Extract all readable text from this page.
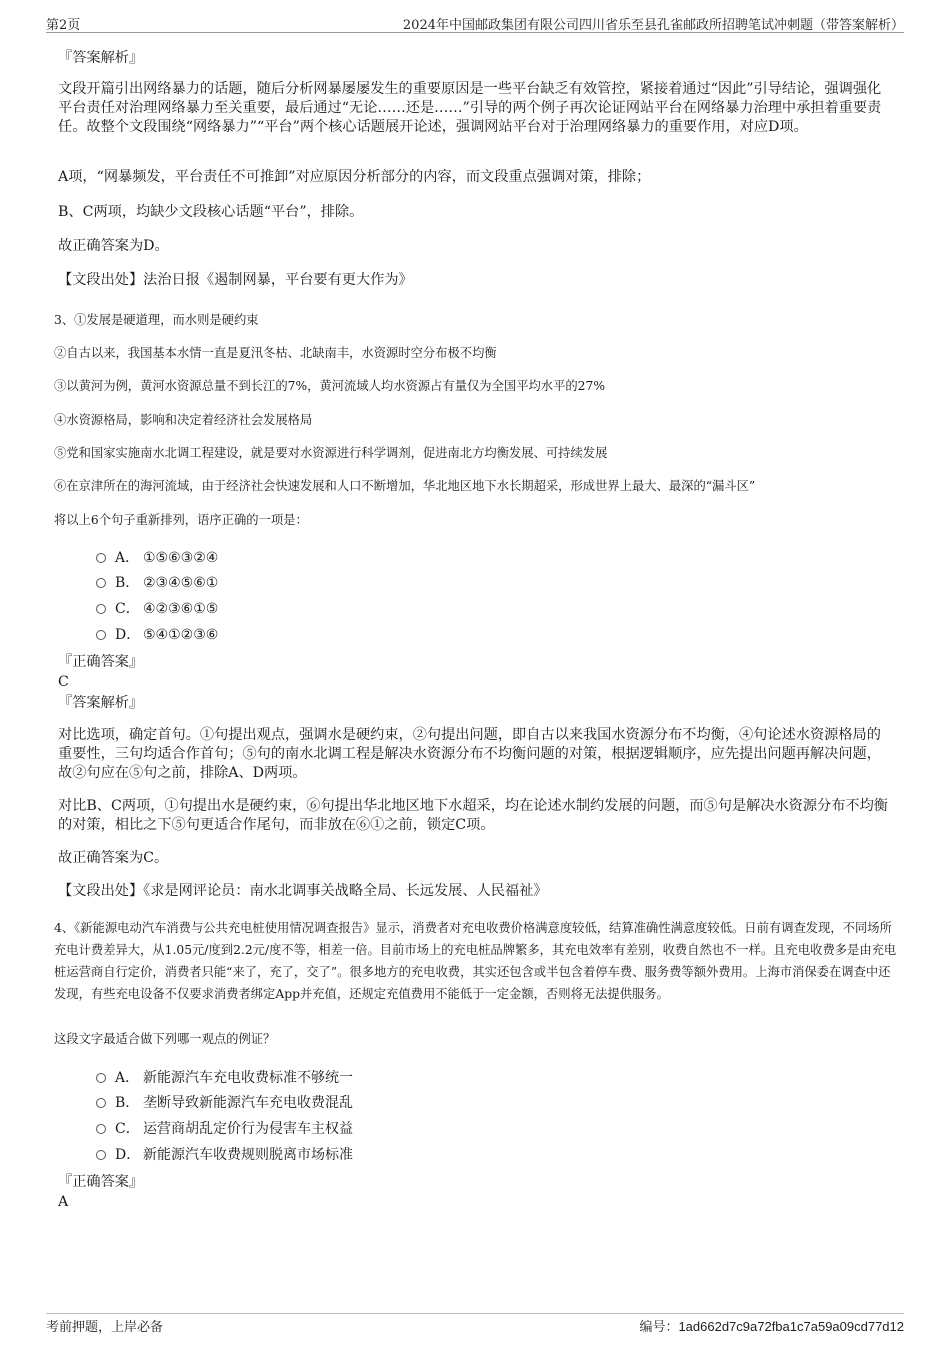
第2页	2024年中国邮政集团有限公司四川省乐至县孔雀邮政所招聘笔试冲刺题（带答案解析）
『答案解析』
文段开篇引出网络暴力的话题，随后分析网暴屡屡发生的重要原因是一些平台缺乏有效管控，紧接着通过“因此”引导结论，强调强化平台责任对治理网络暴力至关重要，最后通过“无论……还是……”引导的两个例子再次论证网站平台在网络暴力治理中承担着重要责任。故整个文段围绕“网络暴力”“平台”两个核心话题展开论述，强调网站平台对于治理网络暴力的重要作用，对应D项。
A项，“网暴频发，平台责任不可推卸”对应原因分析部分的内容，而文段重点强调对策，排除；
B、C两项，均缺少文段核心话题“平台”，排除。
故正确答案为D。
【文段出处】法治日报《遏制网暴，平台要有更大作为》
3、①发展是硬道理，而水则是硬约束
②自古以来，我国基本水情一直是夏汛冬枯、北缺南丰，水资源时空分布极不均衡
③以黄河为例，黄河水资源总量不到长江的7%，黄河流域人均水资源占有量仅为全国平均水平的27%
④水资源格局，影响和决定着经济社会发展格局
⑤党和国家实施南水北调工程建设，就是要对水资源进行科学调剂，促进南北方均衡发展、可持续发展
⑥在京津所在的海河流域，由于经济社会快速发展和人口不断增加，华北地区地下水长期超采，形成世界上最大、最深的“漏斗区”
将以上6个句子重新排列，语序正确的一项是：
A． ①⑤⑥③②④
B． ②③④⑤⑥①
C． ④②③⑥①⑤
D． ⑤④①②③⑥
『正确答案』
C
『答案解析』
对比选项，确定首句。①句提出观点，强调水是硬约束，②句提出问题，即自古以来我国水资源分布不均衡，④句论述水资源格局的重要性，三句均适合作首句；⑤句的南水北调工程是解决水资源分布不均衡问题的对策，根据逻辑顺序，应先提出问题再解决问题，故②句应在⑤句之前，排除A、D两项。
对比B、C两项，①句提出水是硬约束，⑥句提出华北地区地下水超采，均在论述水制约发展的问题，而⑤句是解决水资源分布不均衡的对策，相比之下⑤句更适合作尾句，而非放在⑥①之前，锁定C项。
故正确答案为C。
【文段出处】《求是网评论员：南水北调事关战略全局、长远发展、人民福祉》
4、《新能源电动汽车消费与公共充电桩使用情况调查报告》显示，消费者对充电收费价格满意度较低，结算准确性满意度较低。日前有调查发现，不同场所充电计费差异大，从1.05元/度到2.2元/度不等，相差一倍。目前市场上的充电桩品牌繁多，其充电效率有差别，收费自然也不一样。且充电收费多是由充电桩运营商自行定价，消费者只能“来了，充了，交了”。很多地方的充电收费，其实还包含或半包含着停车费、服务费等额外费用。上海市消保委在调查中还发现，有些充电设备不仅要求消费者绑定App并充值，还规定充值费用不能低于一定金额，否则将无法提供服务。
这段文字最适合做下列哪一观点的例证？
A． 新能源汽车充电收费标准不够统一
B． 垄断导致新能源汽车充电收费混乱
C． 运营商胡乱定价行为侵害车主权益
D． 新能源汽车收费规则脱离市场标准
『正确答案』
A
考前押题，上岸必备	编号：1ad662d7c9a72fba1c7a59a09cd77d12
